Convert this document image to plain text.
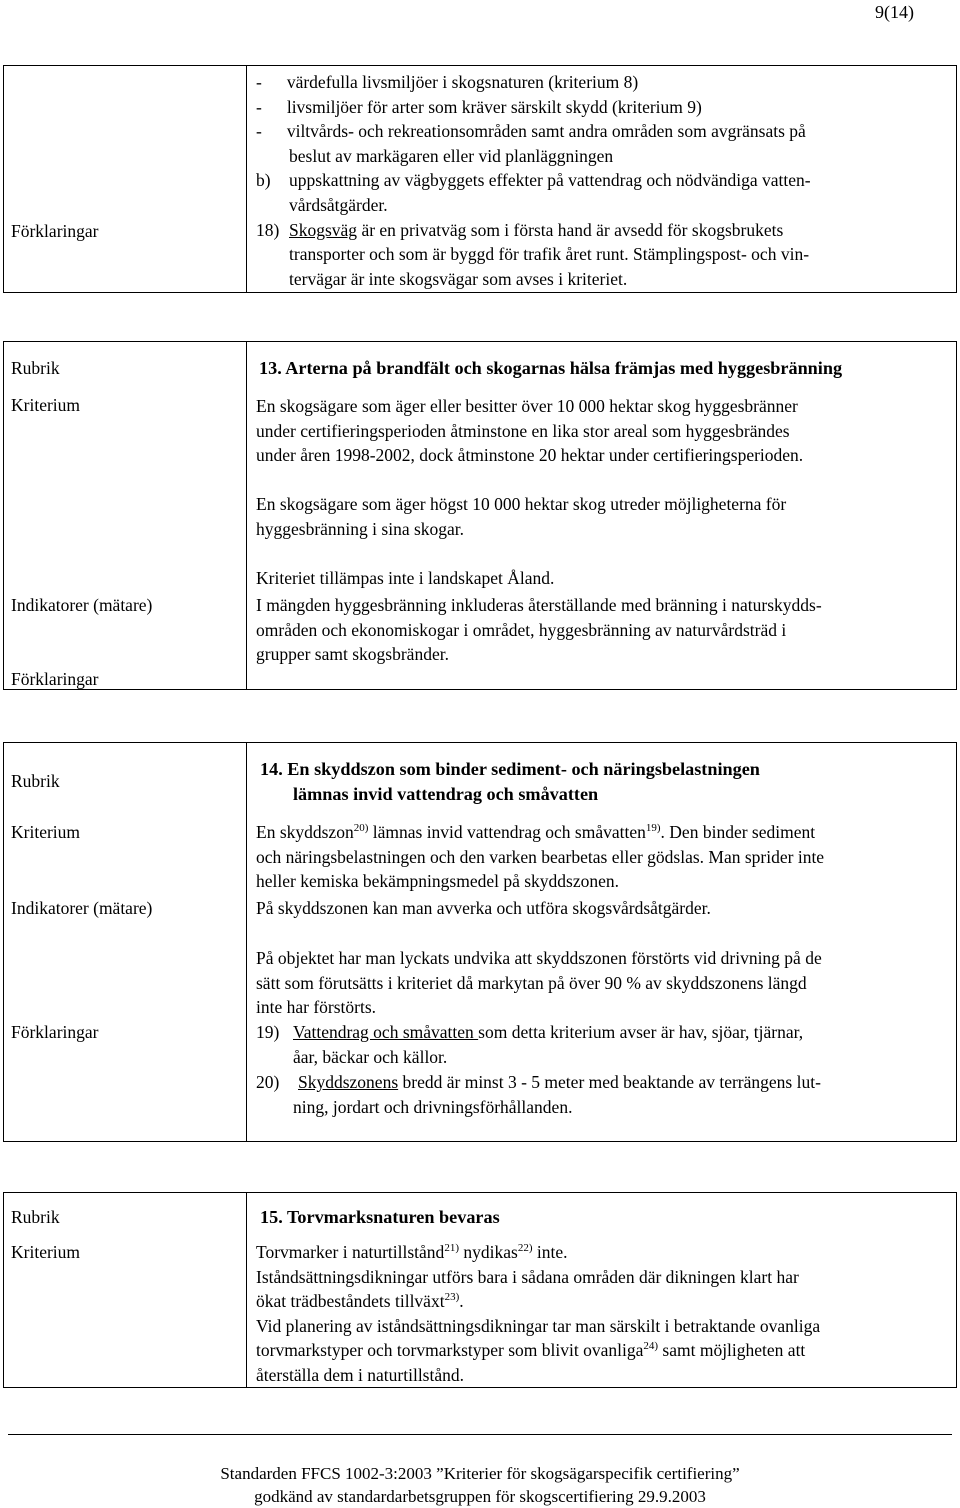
9(14)
Förklaringar
- värdefulla livsmiljöer i skogsnaturen (kriterium 8)
- livsmiljöer för arter som kräver särskilt skydd (kriterium 9)
- viltvårds- och rekreationsområden samt andra områden som avgränsats på
beslut av markägaren eller vid planläggningen
b) uppskattning av vägbyggets effekter på vattendrag och nödvändiga vatten-
vårdsåtgärder.
18) Skogsväg är en privatväg som i första hand är avsedd för skogsbrukets
transporter och som är byggd för trafik året runt. Stämplingspost- och vin-
tervägar är inte skogsvägar som avses i kriteriet.
Rubrik
Kriterium
Indikatorer (mätare)
Förklaringar
13. Arterna på brandfält och skogarnas hälsa främjas med hyggesbränning
En skogsägare som äger eller besitter över 10 000 hektar skog hyggesbränner
under certifieringsperioden åtminstone en lika stor areal som hyggesbrändes
under åren 1998-2002, dock åtminstone 20 hektar under certifieringsperioden.
En skogsägare som äger högst 10 000 hektar skog utreder möjligheterna för
hyggesbränning i sina skogar.
Kriteriet tillämpas inte i landskapet Åland.
I mängden hyggesbränning inkluderas återställande med bränning i naturskydds-
områden och ekonomiskogar i området, hyggesbränning av naturvårdsträd i
grupper samt skogsbränder.
Rubrik
Kriterium
Indikatorer (mätare)
Förklaringar
14. En skyddszon som binder sediment- och näringsbelastningen
lämnas invid vattendrag och småvatten
En skyddszon$^{20)}$ lämnas invid vattendrag och småvatten$^{19)}$. Den binder sediment
och näringsbelastningen och den varken bearbetas eller gödslas. Man sprider inte
heller kemiska bekämpningsmedel på skyddszonen.
På skyddszonen kan man avverka och utföra skogsvårdsåtgärder.
På objektet har man lyckats undvika att skyddszonen förstörts vid drivning på de
sätt som förutsätts i kriteriet då markytan på över 90 % av skyddszonens längd
inte har förstörts.
19) Vattendrag och småvatten som detta kriterium avser är hav, sjöar, tjärnar,
åar, bäckar och källor.
20) Skyddszonens bredd är minst 3 - 5 meter med beaktande av terrängens lut-
ning, jordart och drivningsförhållanden.
Rubrik
Kriterium
15. Torvmarksnaturen bevaras
Torvmarker i naturtillstånd$^{21)}$ nydikas$^{22)}$ inte.
Iståndsättningsdikningar utförs bara i sådana områden där dikningen klart har
ökat trädbeståndets tillväxt$^{23)}$.
Vid planering av iståndsättningsdikningar tar man särskilt i betraktande ovanliga
torvmarkstyper och torvmarkstyper som blivit ovanliga$^{24)}$ samt möjligheten att
återställa dem i naturtillstånd.
Standarden FFCS 1002-3:2003 ”Kriterier för skogsägarspecifik certifiering”
godkänd av standardarbetsgruppen för skogscertifiering 29.9.2003
